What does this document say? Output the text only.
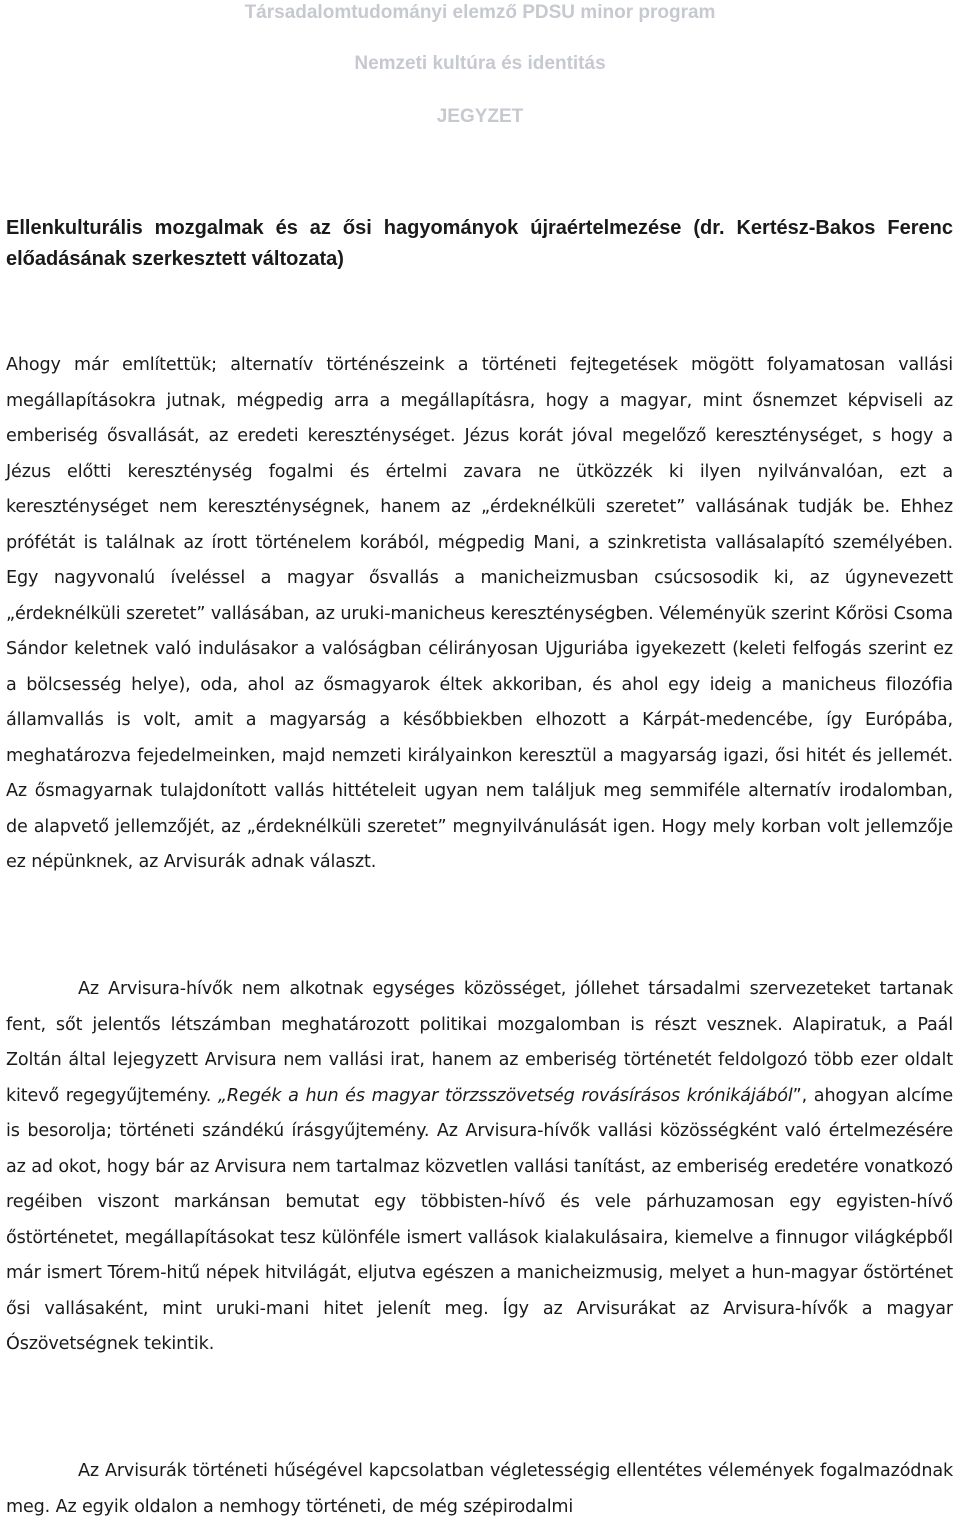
Társadalomtudományi elemző PDSU minor program

Nemzeti kultúra és identitás

JEGYZET

Ellenkulturális mozgalmak és az ősi hagyományok újraértelmezése (dr. Kertész-Bakos Ferenc előadásának szerkesztett változata)

Ahogy már említettük; alternatív történészeink a történeti fejtegetések mögött folyamatosan vallási megállapításokra jutnak, mégpedig arra a megállapításra, hogy a magyar, mint ősnemzet képviseli az emberiség ősvallását, az eredeti kereszténységet. Jézus korát jóval megelőző kereszténységet, s hogy a Jézus előtti kereszténység fogalmi és értelmi zavara ne ütközzék ki ilyen nyilvánvalóan, ezt a kereszténységet nem kereszténységnek, hanem az „érdeknélküli szeretet” vallásának tudják be. Ehhez prófétát is találnak az írott történelem korából, mégpedig Mani, a szinkretista vallásalapító személyében. Egy nagyvonalú íveléssel a magyar ősvallás a manicheizmusban csúcsosodik ki, az úgynevezett „érdeknélküli szeretet” vallásában, az uruki-manicheus kereszténységben. Véleményük szerint Kőrösi Csoma Sándor keletnek való indulásakor a valóságban célirányosan Ujguriába igyekezett (keleti felfogás szerint ez a bölcsesség helye), oda, ahol az ősmagyarok éltek akkoriban, és ahol egy ideig a manicheus filozófia államvallás is volt, amit a magyarság a későbbiekben elhozott a Kárpát-medencébe, így Európába, meghatározva fejedelmeinken, majd nemzeti királyainkon keresztül a magyarság igazi, ősi hitét és jellemét. Az ősmagyarnak tulajdonított vallás hittételeit ugyan nem találjuk meg semmiféle alternatív irodalomban, de alapvető jellemzőjét, az „érdeknélküli szeretet” megnyilvánulását igen. Hogy mely korban volt jellemzője ez népünknek, az Arvisurák adnak választ.

Az Arvisura-hívők nem alkotnak egységes közösséget, jóllehet társadalmi szervezeteket tartanak fent, sőt jelentős létszámban meghatározott politikai mozgalomban is részt vesznek. Alapiratuk, a Paál Zoltán által lejegyzett Arvisura nem vallási irat, hanem az emberiség történetét feldolgozó több ezer oldalt kitevő regegyűjtemény. „Regék a hun és magyar törzsszövetség rovásírásos krónikájából”, ahogyan alcíme is besorolja; történeti szándékú írásgyűjtemény. Az Arvisura-hívők vallási közösségként való értelmezésére az ad okot, hogy bár az Arvisura nem tartalmaz közvetlen vallási tanítást, az emberiség eredetére vonatkozó regéiben viszont markánsan bemutat egy többisten-hívő és vele párhuzamosan egy egyisten-hívő őstörténetet, megállapításokat tesz különféle ismert vallások kialakulásaira, kiemelve a finnugor világképből már ismert Tórem-hitű népek hitvilágát, eljutva egészen a manicheizmusig, melyet a hun-magyar őstörténet ősi vallásaként, mint uruki-mani hitet jelenít meg. Így az Arvisurákat az Arvisura-hívők a magyar Ószövetségnek tekintik.

Az Arvisurák történeti hűségével kapcsolatban végletességig ellentétes vélemények fogalmazódnak meg. Az egyik oldalon a nemhogy történeti, de még szépirodalmi
